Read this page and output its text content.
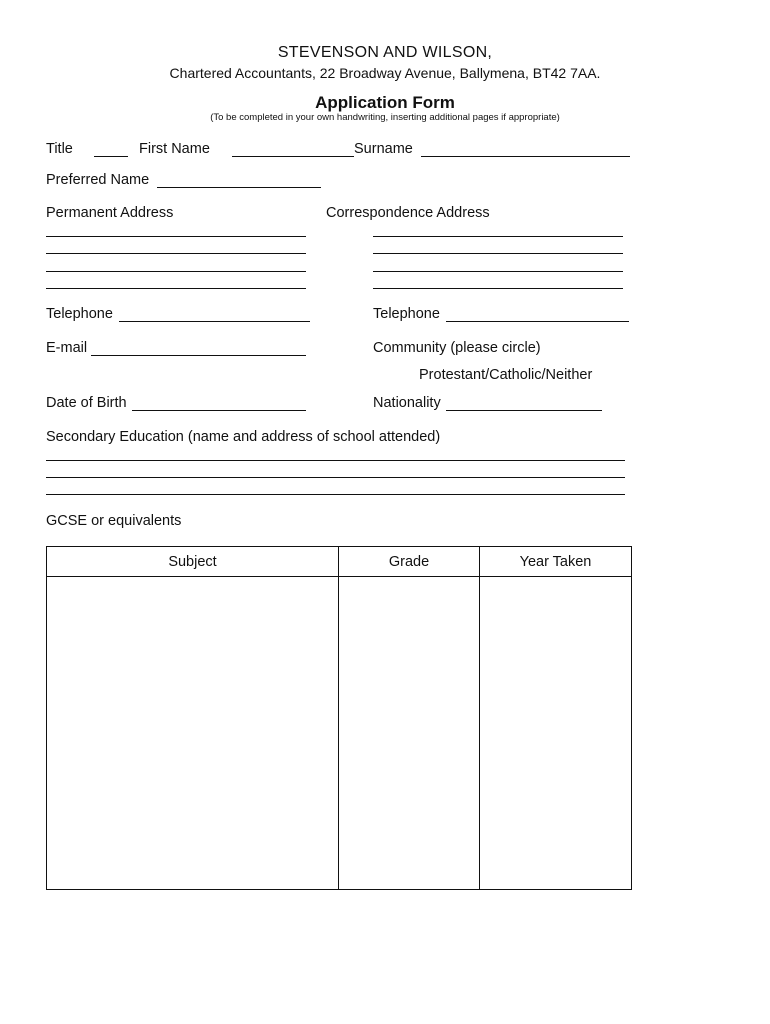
STEVENSON AND WILSON,
Chartered Accountants, 22 Broadway Avenue, Ballymena, BT42 7AA.
Application Form
(To be completed in your own handwriting, inserting additional pages if appropriate)
Title	First Name	Surname
Preferred Name
Permanent Address	Correspondence Address
Telephone	Telephone
E-mail	Community (please circle)
Protestant/Catholic/Neither
Date of Birth	Nationality
Secondary Education (name and address of school attended)
GCSE or equivalents
Subject	Grade	Year Taken
